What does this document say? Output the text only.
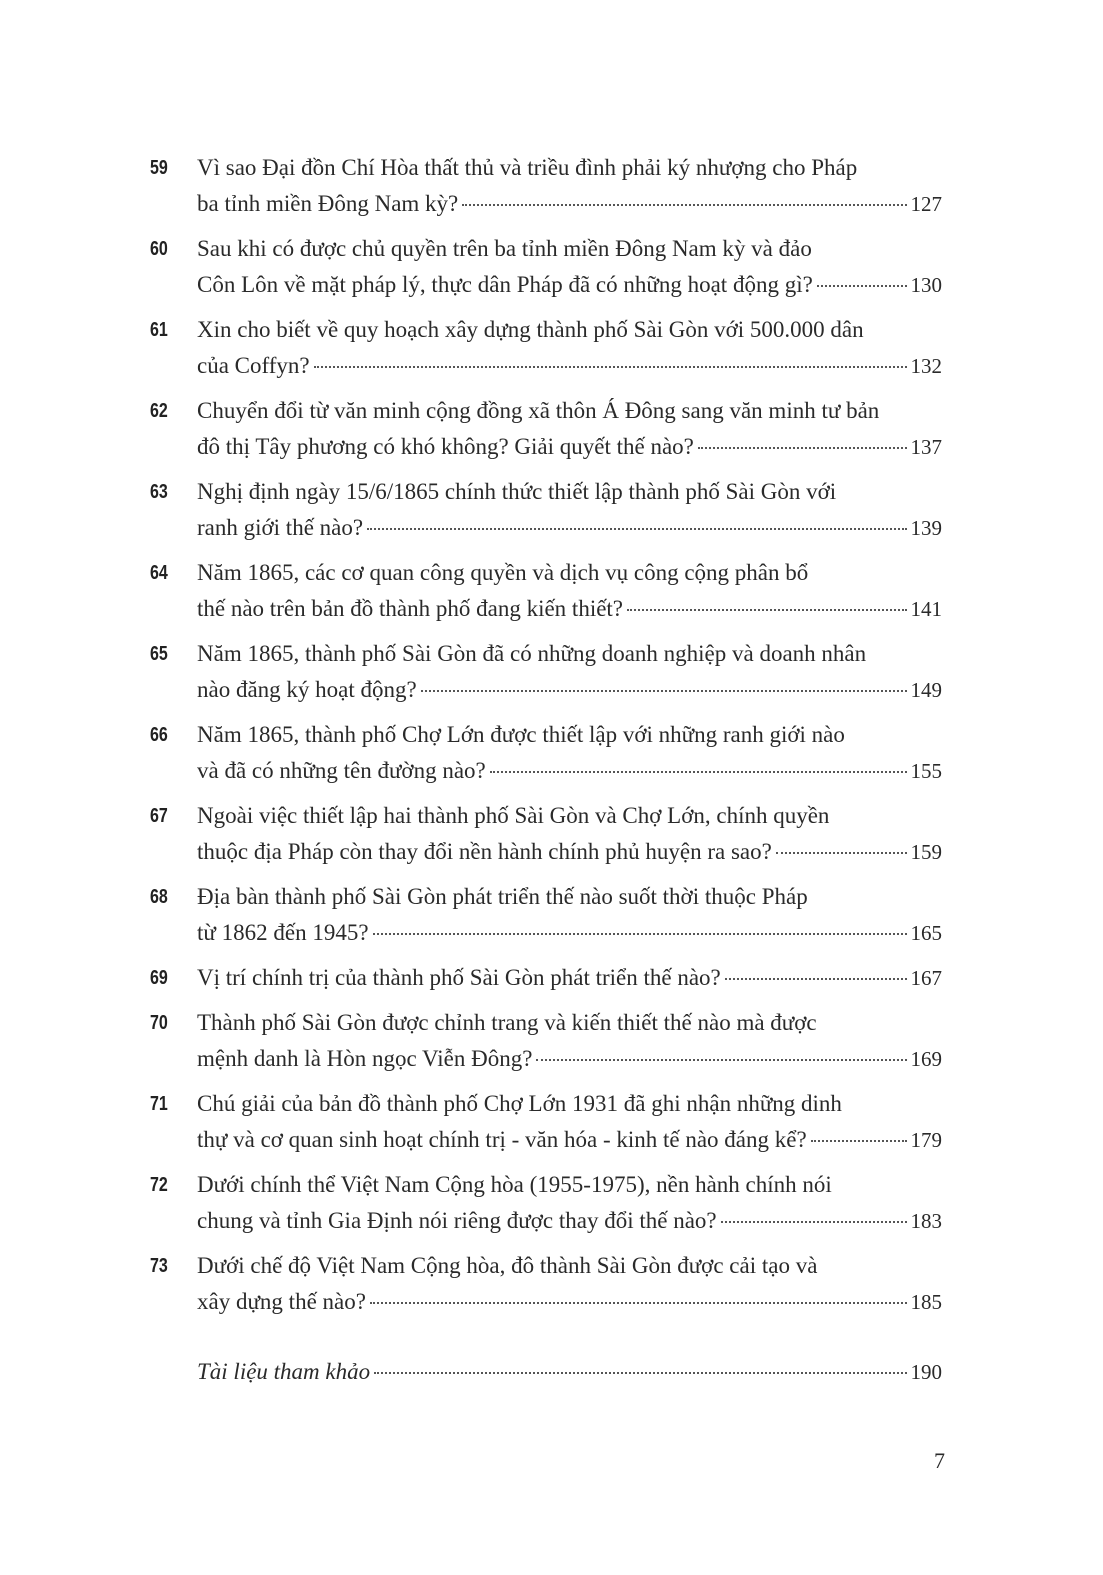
59	Vì sao Đại đồn Chí Hòa thất thủ và triều đình phải ký nhượng cho Pháp
ba tỉnh miền Đông Nam kỳ?	127
60	Sau khi có được chủ quyền trên ba tỉnh miền Đông Nam kỳ và đảo
Côn Lôn về mặt pháp lý, thực dân Pháp đã có những hoạt động gì?	130
61	Xin cho biết về quy hoạch xây dựng thành phố Sài Gòn với 500.000 dân
của Coffyn?	132
62	Chuyển đổi từ văn minh cộng đồng xã thôn Á Đông sang văn minh tư bản
đô thị Tây phương có khó không? Giải quyết thế nào?	137
63	Nghị định ngày 15/6/1865 chính thức thiết lập thành phố Sài Gòn với
ranh giới thế nào?	139
64	Năm 1865, các cơ quan công quyền và dịch vụ công cộng phân bổ
thế nào trên bản đồ thành phố đang kiến thiết?	141
65	Năm 1865, thành phố Sài Gòn đã có những doanh nghiệp và doanh nhân
nào đăng ký hoạt động?	149
66	Năm 1865, thành phố Chợ Lớn được thiết lập với những ranh giới nào
và đã có những tên đường nào?	155
67	Ngoài việc thiết lập hai thành phố Sài Gòn và Chợ Lớn, chính quyền
thuộc địa Pháp còn thay đổi nền hành chính phủ huyện ra sao?	159
68	Địa bàn thành phố Sài Gòn phát triển thế nào suốt thời thuộc Pháp
từ 1862 đến 1945?	165
69	Vị trí chính trị của thành phố Sài Gòn phát triển thế nào?	167
70	Thành phố Sài Gòn được chỉnh trang và kiến thiết thế nào mà được
mệnh danh là Hòn ngọc Viễn Đông?	169
71	Chú giải của bản đồ thành phố Chợ Lớn 1931 đã ghi nhận những dinh
thự và cơ quan sinh hoạt chính trị - văn hóa - kinh tế nào đáng kể?	179
72	Dưới chính thể Việt Nam Cộng hòa (1955-1975), nền hành chính nói
chung và tỉnh Gia Định nói riêng được thay đổi thế nào?	183
73	Dưới chế độ Việt Nam Cộng hòa, đô thành Sài Gòn được cải tạo và
xây dựng thế nào?	185
Tài liệu tham khảo	190
7
